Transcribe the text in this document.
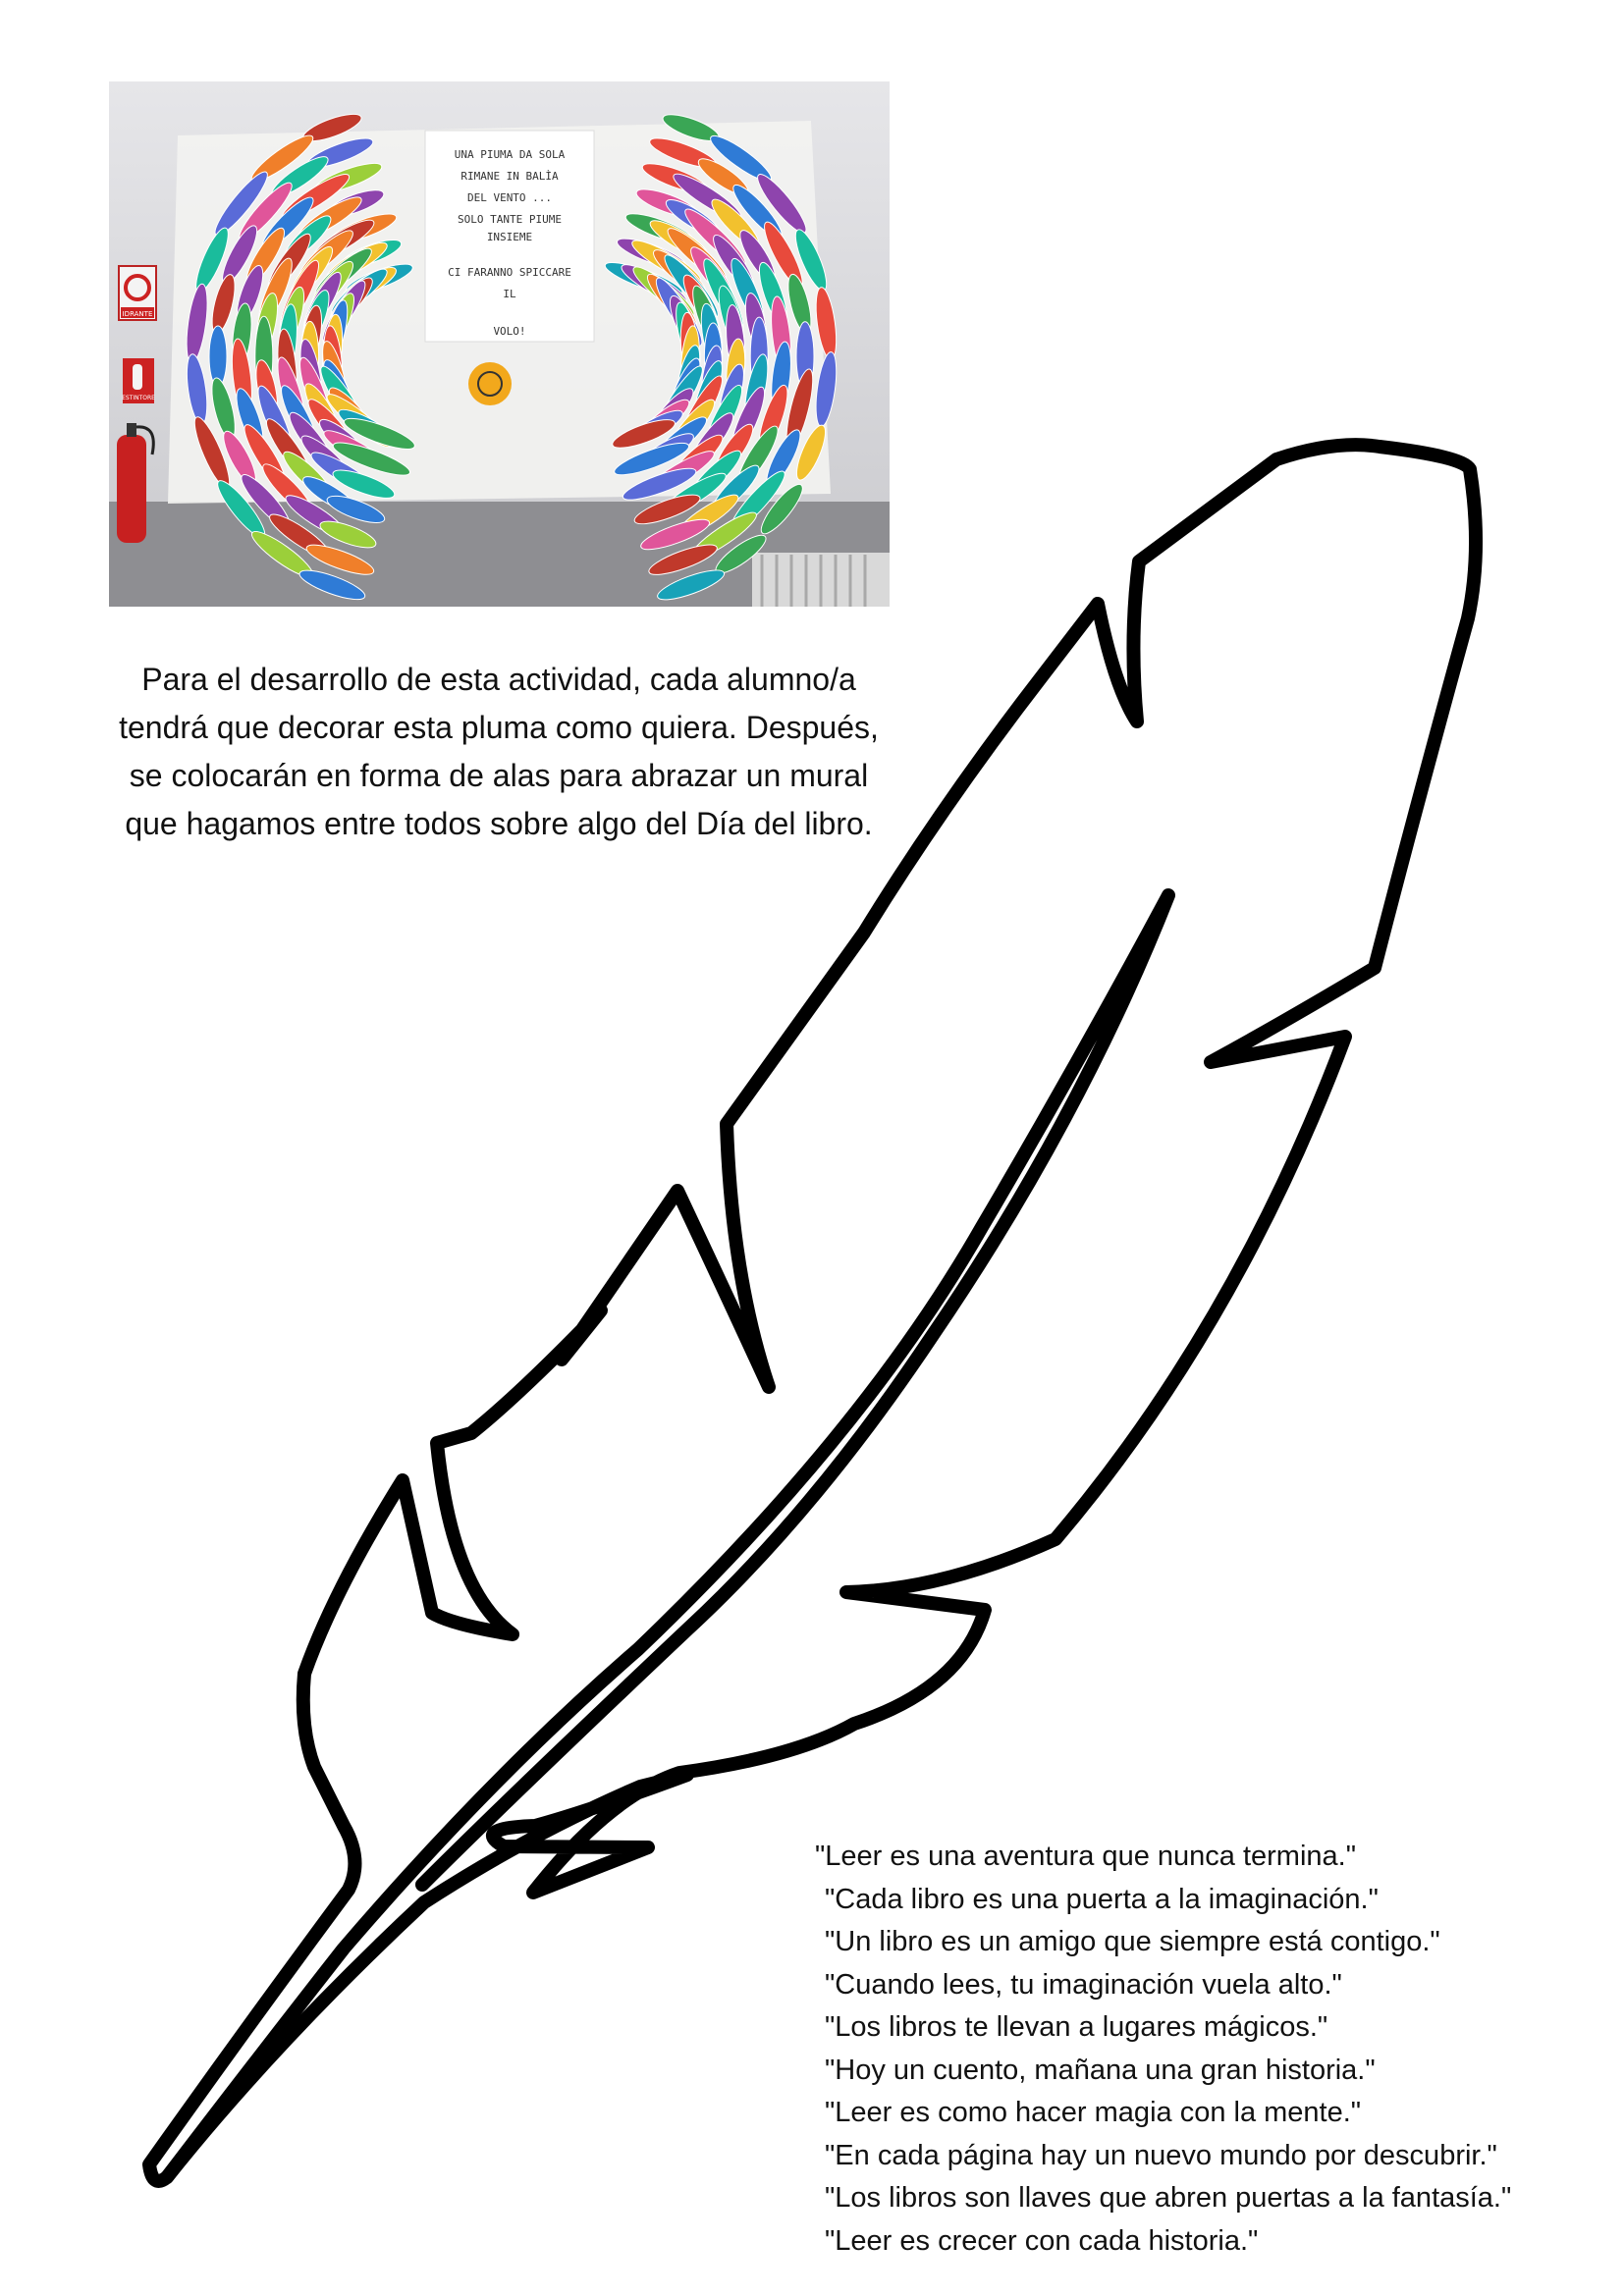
IDRANTE
ESTINTORE
UNA PIUMA DA SOLA
RIMANE IN BALÌA
DEL VENTO ...
SOLO TANTE PIUME
INSIEME
CI FARANNO SPICCARE
IL
VOLO!

Para el desarrollo de esta actividad, cada alumno/a tendrá que decorar esta pluma como quiera. Después, se colocarán en forma de alas para abrazar un mural que hagamos entre todos sobre algo del Día del libro.

"Leer es una aventura que nunca termina."
"Cada libro es una puerta a la imaginación."
"Un libro es un amigo que siempre está contigo."
"Cuando lees, tu imaginación vuela alto."
"Los libros te llevan a lugares mágicos."
"Hoy un cuento, mañana una gran historia."
"Leer es como hacer magia con la mente."
"En cada página hay un nuevo mundo por descubrir."
"Los libros son llaves que abren puertas a la fantasía."
"Leer es crecer con cada historia."
